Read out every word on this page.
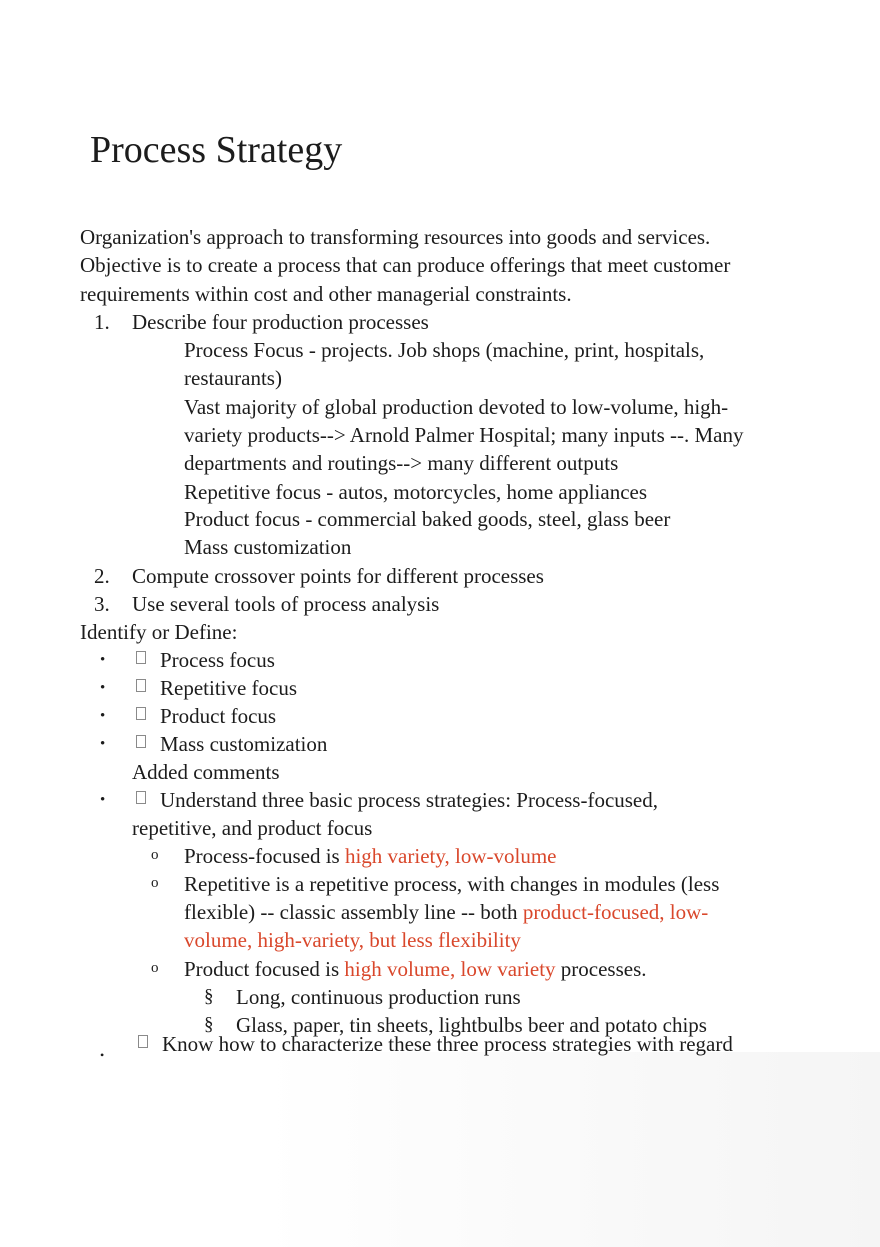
Process Strategy
Organization's approach to transforming resources into goods and services.
Objective is to create a process that can produce offerings that meet customer
requirements within cost and other managerial constraints.
1. Describe four production processes
Process Focus - projects. Job shops (machine, print, hospitals,
restaurants)
Vast majority of global production devoted to low-volume, high-
variety products--> Arnold Palmer Hospital; many inputs --. Many
departments and routings--> many different outputs
Repetitive focus - autos, motorcycles, home appliances
Product focus - commercial baked goods, steel, glass beer
Mass customization
2. Compute crossover points for different processes
3. Use several tools of process analysis
Identify or Define:
•	Process focus
•	Repetitive focus
•	Product focus
•	Mass customization
Added comments
•	Understand three basic process strategies: Process-focused,
repetitive, and product focus
o Process-focused is high variety, low-volume
o Repetitive is a repetitive process, with changes in modules (less
flexible) -- classic assembly line -- both product-focused, low-
volume, high-variety, but less flexibility
o Product focused is high volume, low variety processes.
§ Long, continuous production runs
§ Glass, paper, tin sheets, lightbulbs beer and potato chips
•	Know how to characterize these three process strategies with regard
